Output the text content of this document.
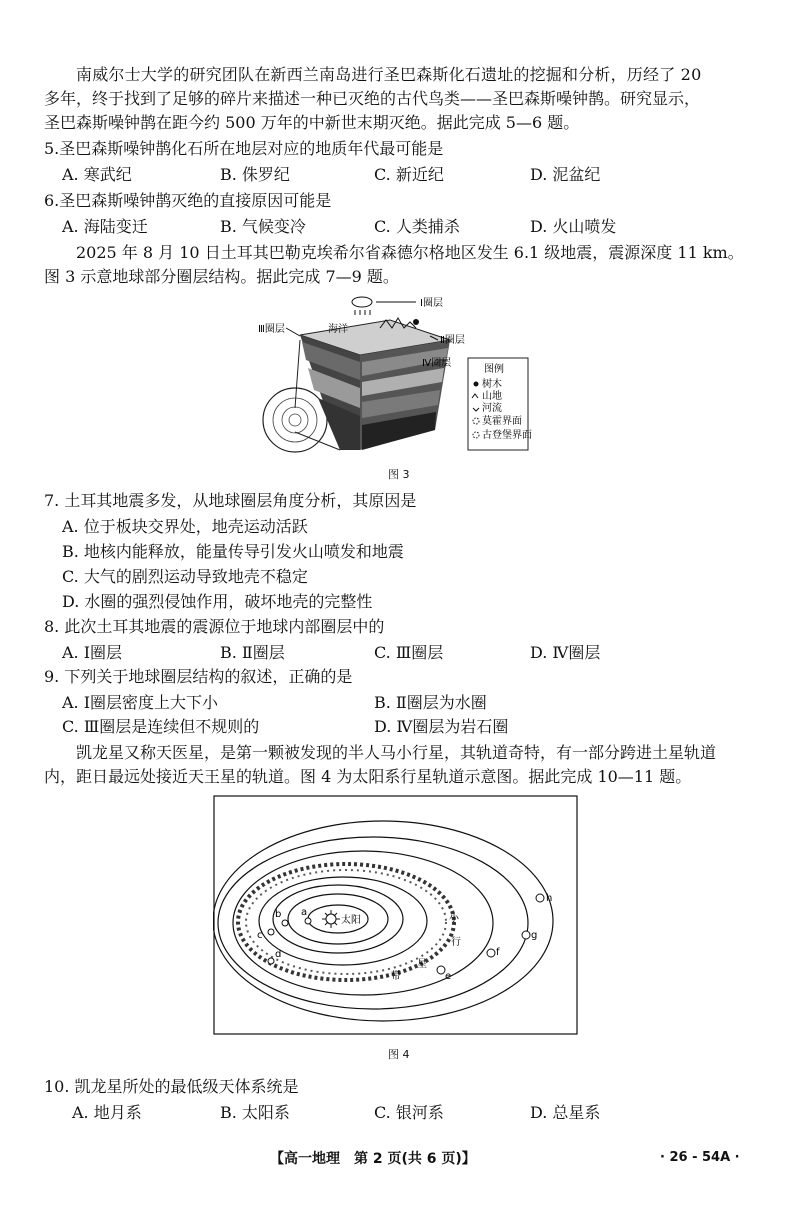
南威尔士大学的研究团队在新西兰南岛进行圣巴森斯化石遗址的挖掘和分析，历经了 20
多年，终于找到了足够的碎片来描述一种已灭绝的古代鸟类——圣巴森斯噪钟鹊。研究显示，
圣巴森斯噪钟鹊在距今约 500 万年的中新世末期灭绝。据此完成 5—6 题。
5.圣巴森斯噪钟鹊化石所在地层对应的地质年代最可能是
A. 寒武纪	B. 侏罗纪	C. 新近纪	D. 泥盆纪
6.圣巴森斯噪钟鹊灭绝的直接原因可能是
A. 海陆变迁	B. 气候变冷	C. 人类捕杀	D. 火山喷发
2025 年 8 月 10 日土耳其巴勒克埃希尔省森德尔格地区发生 6.1 级地震，震源深度 11 km。
图 3 示意地球部分圈层结构。据此完成 7—9 题。
海洋
Ⅰ圈层
Ⅲ圈层
Ⅱ圈层
Ⅳ圈层
图例
树木
山地
河流
莫霍界面
古登堡界面
图 3
7. 土耳其地震多发，从地球圈层角度分析，其原因是
A. 位于板块交界处，地壳运动活跃
B. 地核内能释放，能量传导引发火山喷发和地震
C. 大气的剧烈运动导致地壳不稳定
D. 水圈的强烈侵蚀作用，破坏地壳的完整性
8. 此次土耳其地震的震源位于地球内部圈层中的
A. Ⅰ圈层	B. Ⅱ圈层	C. Ⅲ圈层	D. Ⅳ圈层
9. 下列关于地球圈层结构的叙述，正确的是
A. Ⅰ圈层密度上大下小	B. Ⅱ圈层为水圈
C. Ⅲ圈层是连续但不规则的	D. Ⅳ圈层为岩石圈
凯龙星又称天医星，是第一颗被发现的半人马小行星，其轨道奇特，有一部分跨进土星轨道
内，距日最远处接近天王星的轨道。图 4 为太阳系行星轨道示意图。据此完成 10—11 题。
太阳	小
行
星
带
a
b
c
d
e
f
g
h
图 4
10. 凯龙星所处的最低级天体系统是
A. 地月系	B. 太阳系	C. 银河系	D. 总星系
【高一地理　第 2 页(共 6 页)】	· 26 - 54A ·
